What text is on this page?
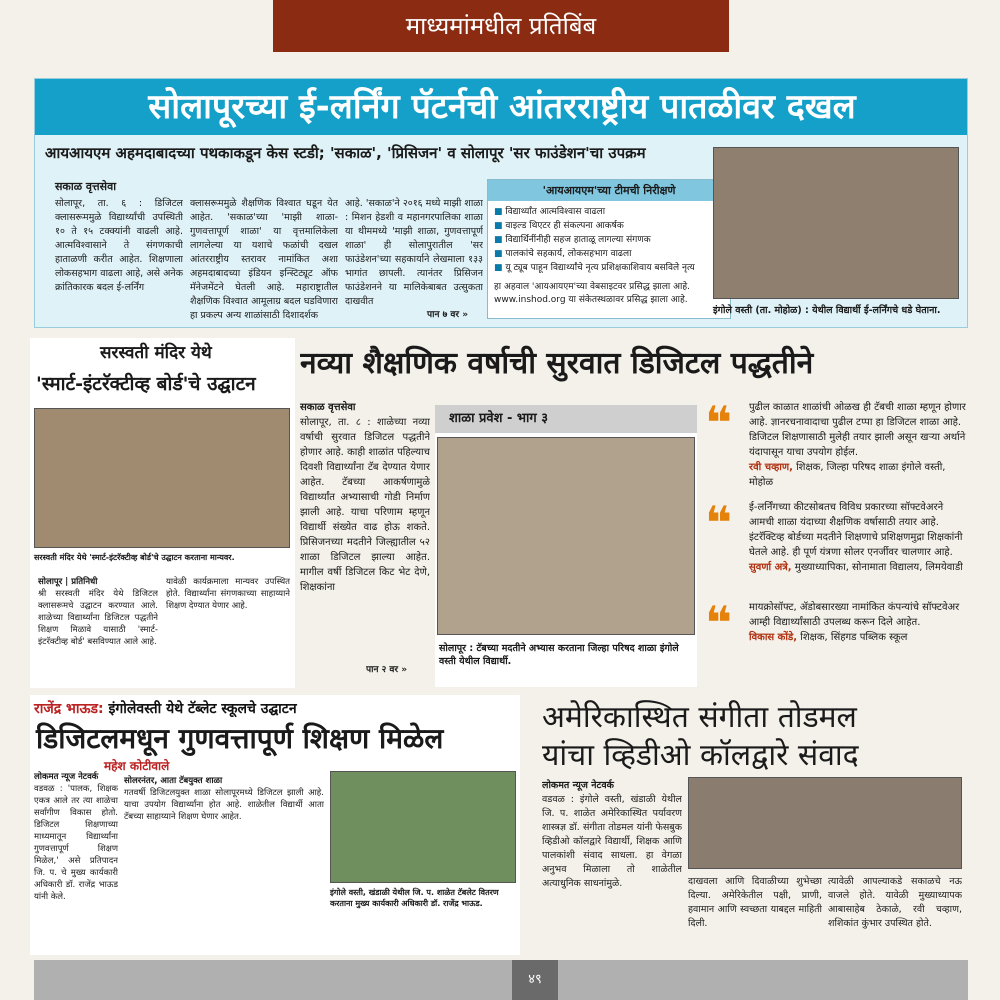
माध्यमांमधील प्रतिबिंब
सोलापूरच्या ई-लर्निंग पॅटर्नची आंतरराष्ट्रीय पातळीवर दखल
आयआयएम अहमदाबादच्या पथकाकडून केस स्टडी; 'सकाळ', 'प्रिसिजन' व सोलापूर 'सर फाउंडेशन'चा उपक्रम
सकाळ वृत्तसेवा
सोलापूर, ता. ६ : डिजिटल क्लासरूममुळे विद्यार्थ्यांची उपस्थिती १० ते १५ टक्क्यांनी वाढली आहे. आत्मविश्वासाने ते संगणकाची हाताळणी करीत आहेत. शिक्षणाला लोकसहभाग वाढला आहे, असे अनेक क्रांतिकारक बदल ई-लर्निंग
क्लासरूममुळे शैक्षणिक विश्वात घडून येत आहेत. 'सकाळ'च्या 'माझी शाळा- गुणवत्तापूर्ण शाळा' या वृत्तमालिकेला लागलेल्या या यशाचे फळांची दखल आंतरराष्ट्रीय स्तरावर नामांकित अशा अहमदाबादच्या इंडियन इन्स्टिट्यूट ऑफ मॅनेजमेंटने घेतली आहे. महाराष्ट्रातील शैक्षणिक विश्वात आमूलाग्र बदल घडविणारा हा प्रकल्प अन्य शाळांसाठी दिशादर्शक
आहे. 'सकाळ'ने २०१६ मध्ये माझी शाळा : मिशन हेडशी व महानगरपालिका शाळा या थीममध्ये 'माझी शाळा, गुणवत्तापूर्ण शाळा' ही सोलापुरातील 'सर फाउंडेशन'च्या सहकार्याने लेखमाला १३३ भागांत छापली. त्यानंतर प्रिसिजन फाउंडेशनने या मालिकेबाबत उत्सुकता दाखवीत
पान ७ वर »
'आयआयएम'च्या टीमची निरीक्षणे
■ विद्यार्थ्यांत आत्मविश्वास वाढला
■ वाइल्ड थिएटर ही संकल्पना आकर्षक
■ विद्यार्थिनींनीही सहज हाताळू लागल्या संगणक
■ पालकांचे सहकार्य, लोकसहभाग वाढला
■ यू ट्यूब पाहून विद्यार्थ्यांचे नृत्य प्रशिक्षकाशिवाय बसविले नृत्य
हा अहवाल 'आयआयएम'च्या वेबसाइटवर प्रसिद्ध झाला आहे. www.inshod.org या संकेतस्थळावर प्रसिद्ध झाला आहे.
इंगोले वस्ती (ता. मोहोळ) : येथील विद्यार्थी ई-लर्निंगचे धडे घेताना.
सरस्वती मंदिर येथे
'स्मार्ट-इंटरॅक्टीव्ह बोर्ड'चे उद्घाटन
सरस्वती मंदिर येथे 'स्मार्ट-इंटरॅक्टीव्ह बोर्ड'चे उद्घाटन करताना मान्यवर.
सोलापूर | प्रतिनिधी
श्री सरस्वती मंदिर येथे डिजिटल क्लासरूमचे उद्घाटन करण्यात आले. शाळेच्या विद्यार्थ्यांना डिजिटल पद्धतीने शिक्षण मिळावे यासाठी 'स्मार्ट-इंटरॅक्टीव्ह बोर्ड' बसविण्यात आले आहे.
यावेळी कार्यक्रमाला मान्यवर उपस्थित होते. विद्यार्थ्यांना संगणकाच्या साहाय्याने शिक्षण देण्यात येणार आहे.
नव्या शैक्षणिक वर्षाची सुरवात डिजिटल पद्धतीने
सकाळ वृत्तसेवा
सोलापूर, ता. ८ : शाळेच्या नव्या वर्षाची सुरवात डिजिटल पद्धतीने होणार आहे. काही शाळांत पहिल्याच दिवशी विद्यार्थ्यांना टॅब देण्यात येणार आहेत. टॅबच्या आकर्षणामुळे विद्यार्थ्यांत अभ्यासाची गोडी निर्माण झाली आहे. याचा परिणाम म्हणून विद्यार्थी संख्येत वाढ होऊ शकते. प्रिसिजनच्या मदतीने जिल्ह्यातील ५२ शाळा डिजिटल झाल्या आहेत. मागील वर्षी डिजिटल किट भेट देणे, शिक्षकांना
पान २ वर »
शाळा प्रवेश - भाग ३
सोलापूर : टॅबच्या मदतीने अभ्यास करताना जिल्हा परिषद शाळा इंगोले वस्ती येथील विद्यार्थी.
❝ पुढील काळात शाळांची ओळख ही टॅबची शाळा म्हणून होणार आहे. ज्ञानरचनावादाचा पुढील टप्पा हा डिजिटल शाळा आहे. डिजिटल शिक्षणासाठी मुलेही तयार झाली असून खऱ्या अर्थाने यंदापासून याचा उपयोग होईल.
रवी चव्हाण, शिक्षक, जिल्हा परिषद शाळा इंगोले वस्ती, मोहोळ
❝ ई-लर्निंगच्या कीटसोबतच विविध प्रकारच्या सॉफ्टवेअरने आमची शाळा यंदाच्या शैक्षणिक वर्षासाठी तयार आहे. इंटरॅक्टिव्ह बोर्डच्या मदतीने शिक्षणाचे प्रशिक्षणमुद्रा शिक्षकांनी घेतले आहे. ही पूर्ण यंत्रणा सोलर एनर्जीवर चालणार आहे.
सुवर्णा अत्रे, मुख्याध्यापिका, सोनामाता विद्यालय, लिमयेवाडी
❝ मायक्रोसॉफ्ट, ॲडोबसारख्या नामांकित कंपन्यांचे सॉफ्टवेअर आम्ही विद्यार्थ्यांसाठी उपलब्ध करून दिले आहेत.
विकास कोंडे, शिक्षक, सिंहगड पब्लिक स्कूल
राजेंद्र भाऊड: इंगोलेवस्ती येथे टॅब्लेट स्कूलचे उद्घाटन
डिजिटलमधून गुणवत्तापूर्ण शिक्षण मिळेल
महेश कोटीवाले
लोकमत न्यूज नेटवर्क
वडवळ : 'पालक, शिक्षक एकत्र आले तर त्या शाळेचा सर्वांगीण विकास होतो. डिजिटल शिक्षणाच्या माध्यमातून विद्यार्थ्यांना गुणवत्तापूर्ण शिक्षण मिळेल,' असे प्रतिपादन जि. प. चे मुख्य कार्यकारी अधिकारी डॉ. राजेंद्र भाऊड यांनी केले.
सोलरनंतर, आता टॅबयुक्त शाळा
गतवर्षी डिजिटलयुक्त शाळा सोलापूरमध्ये डिजिटल झाली आहे. याचा उपयोग विद्यार्थ्यांना होत आहे. शाळेतील विद्यार्थी आता टॅबच्या साहाय्याने शिक्षण घेणार आहेत.
इंगोले वस्ती, खंडाळी येथील जि. प. शाळेत टॅबलेट वितरण करताना मुख्य कार्यकारी अधिकारी डॉ. राजेंद्र भाऊड.
अमेरिकास्थित संगीता तोडमल
यांचा व्हिडीओ कॉलद्वारे संवाद
लोकमत न्यूज नेटवर्क
वडवळ : इंगोले वस्ती, खंडाळी येथील जि. प. शाळेत अमेरिकास्थित पर्यावरण शास्त्रज्ञ डॉ. संगीता तोडमल यांनी फेसबुक व्हिडीओ कॉलद्वारे विद्यार्थी, शिक्षक आणि पालकांशी संवाद साधला. हा वेगळा अनुभव मिळाला तो शाळेतील अत्याधुनिक साधनांमुळे.	दाखवला आणि दिवाळीच्या शुभेच्छा दिल्या. अमेरिकेतील पक्षी, प्राणी, हवामान आणि स्वच्छता याबद्दल माहिती दिली.
त्यावेळी आपल्याकडे सकाळचे नऊ वाजले होते. यावेळी मुख्याध्यापक आबासाहेब ठेकाळे, रवी चव्हाण, शशिकांत कुंभार उपस्थित होते.
४९
